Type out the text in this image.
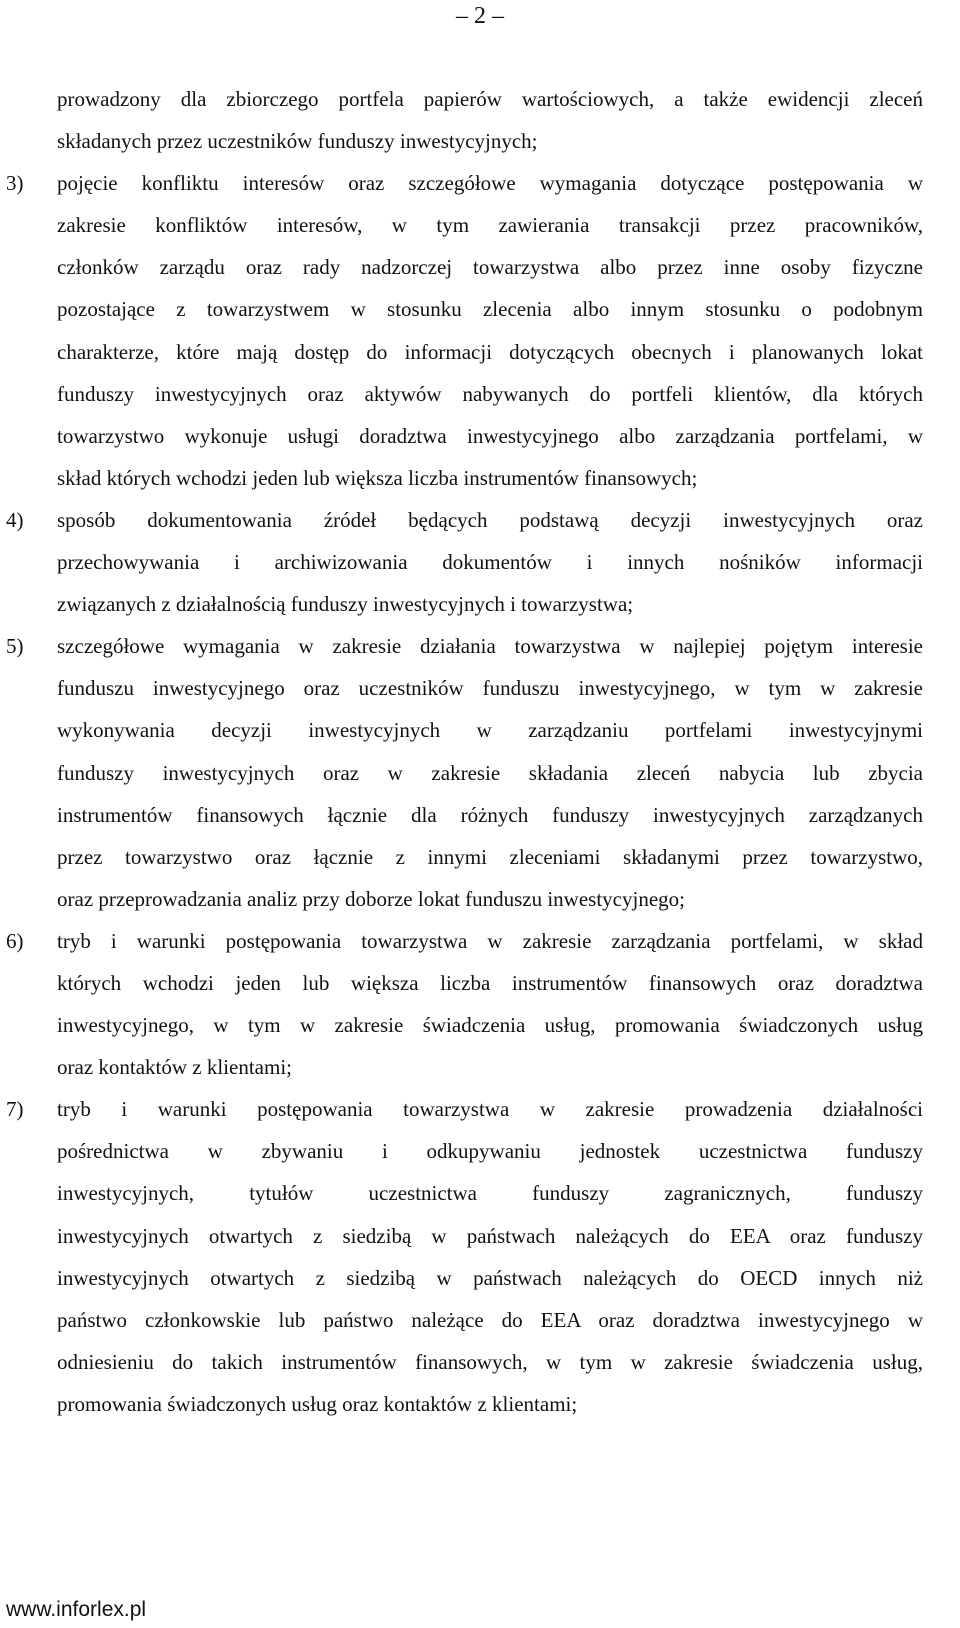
– 2 –
prowadzony dla zbiorczego portfela papierów wartościowych, a także ewidencji zleceń
składanych przez uczestników funduszy inwestycyjnych;
3) pojęcie konfliktu interesów oraz szczegółowe wymagania dotyczące postępowania w
zakresie konfliktów interesów, w tym zawierania transakcji przez pracowników,
członków zarządu oraz rady nadzorczej towarzystwa albo przez inne osoby fizyczne
pozostające z towarzystwem w stosunku zlecenia albo innym stosunku o podobnym
charakterze, które mają dostęp do informacji dotyczących obecnych i planowanych lokat
funduszy inwestycyjnych oraz aktywów nabywanych do portfeli klientów, dla których
towarzystwo wykonuje usługi doradztwa inwestycyjnego albo zarządzania portfelami, w
skład których wchodzi jeden lub większa liczba instrumentów finansowych;
4) sposób dokumentowania źródeł będących podstawą decyzji inwestycyjnych oraz
przechowywania i archiwizowania dokumentów i innych nośników informacji
związanych z działalnością funduszy inwestycyjnych i towarzystwa;
5) szczegółowe wymagania w zakresie działania towarzystwa w najlepiej pojętym interesie
funduszu inwestycyjnego oraz uczestników funduszu inwestycyjnego, w tym w zakresie
wykonywania decyzji inwestycyjnych w zarządzaniu portfelami inwestycyjnymi
funduszy inwestycyjnych oraz w zakresie składania zleceń nabycia lub zbycia
instrumentów finansowych łącznie dla różnych funduszy inwestycyjnych zarządzanych
przez towarzystwo oraz łącznie z innymi zleceniami składanymi przez towarzystwo,
oraz przeprowadzania analiz przy doborze lokat funduszu inwestycyjnego;
6) tryb i warunki postępowania towarzystwa w zakresie zarządzania portfelami, w skład
których wchodzi jeden lub większa liczba instrumentów finansowych oraz doradztwa
inwestycyjnego, w tym w zakresie świadczenia usług, promowania świadczonych usług
oraz kontaktów z klientami;
7) tryb i warunki postępowania towarzystwa w zakresie prowadzenia działalności
pośrednictwa w zbywaniu i odkupywaniu jednostek uczestnictwa funduszy
inwestycyjnych, tytułów uczestnictwa funduszy zagranicznych, funduszy
inwestycyjnych otwartych z siedzibą w państwach należących do EEA oraz funduszy
inwestycyjnych otwartych z siedzibą w państwach należących do OECD innych niż
państwo członkowskie lub państwo należące do EEA oraz doradztwa inwestycyjnego w
odniesieniu do takich instrumentów finansowych, w tym w zakresie świadczenia usług,
promowania świadczonych usług oraz kontaktów z klientami;
www.inforlex.pl
